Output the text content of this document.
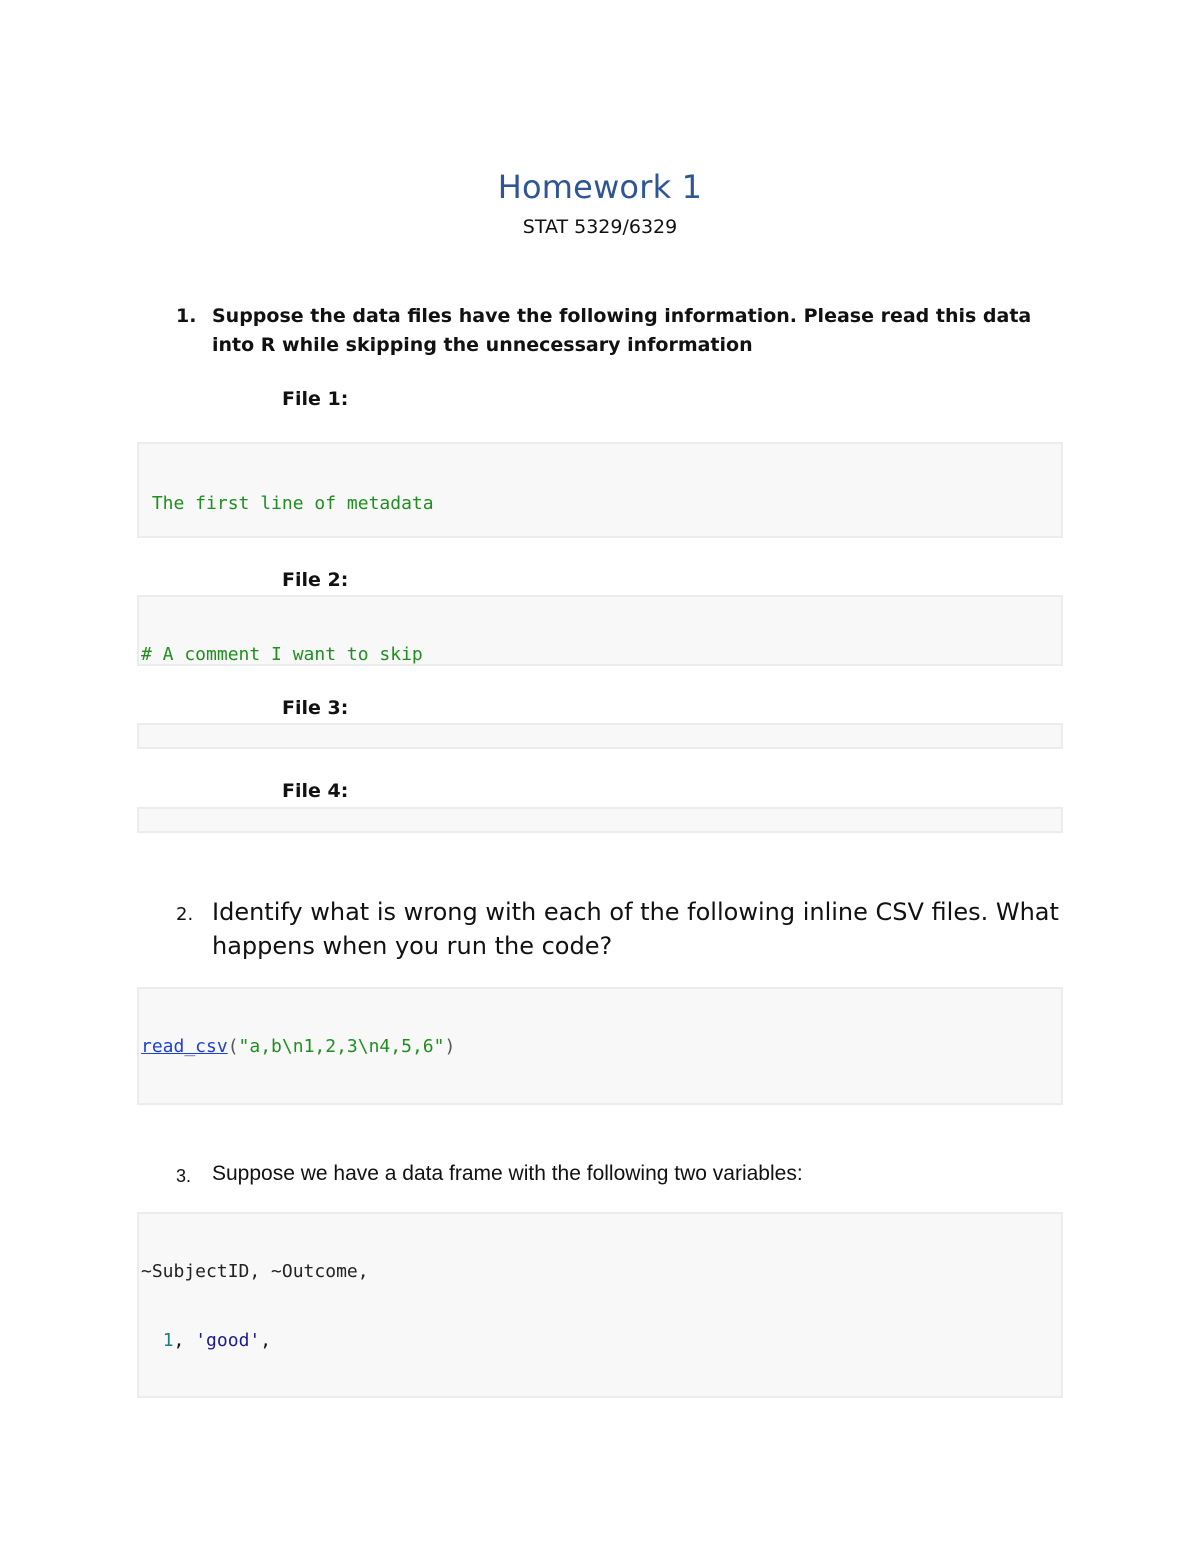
Homework 1
STAT 5329/6329
1. Suppose the data files have the following information. Please read this data into R while skipping the unnecessary information
File 1:

The first line of metadata

File 2:

# A comment I want to skip

File 3:

File 4:

2. Identify what is wrong with each of the following inline CSV files. What happens when you run the code?

read_csv("a,b\n1,2,3\n4,5,6")

3. Suppose we have a data frame with the following two variables:

~SubjectID, ~Outcome,

1, 'good',
